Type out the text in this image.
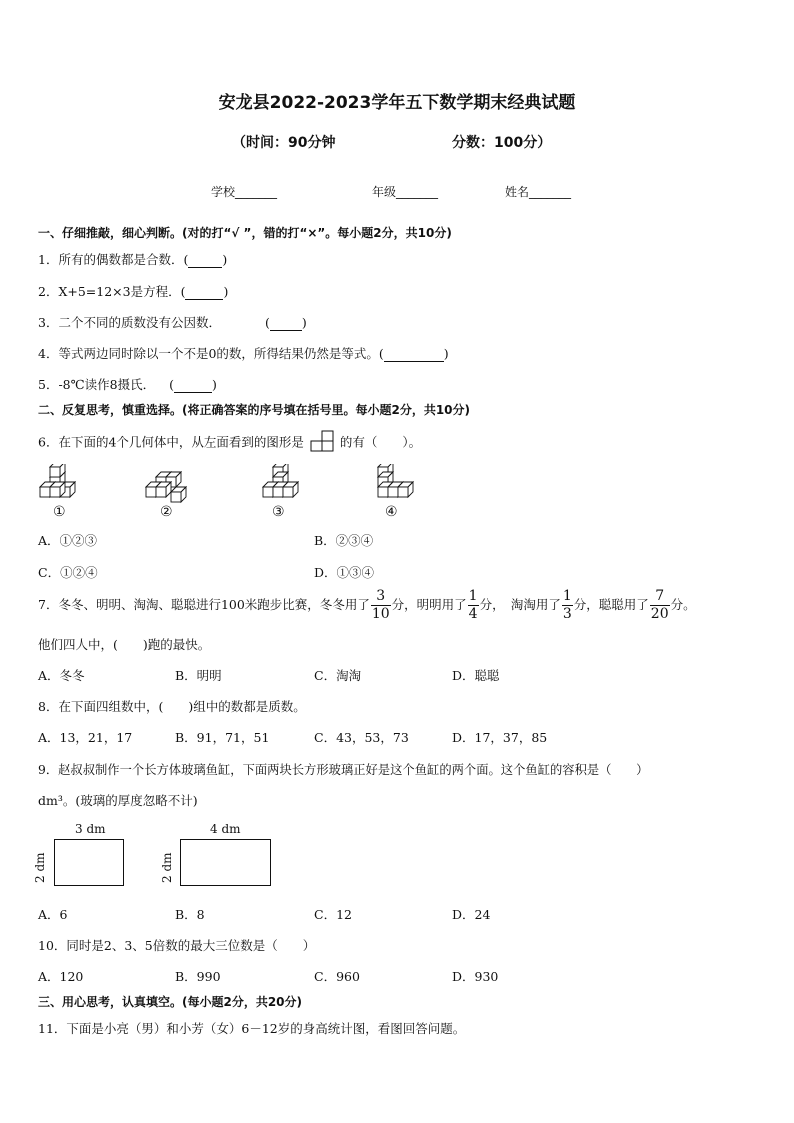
安龙县2022-2023学年五下数学期末经典试题
（时间：90分钟	分数：100分）
学校_______	年级_______	姓名_______
一、仔细推敲，细心判断。(对的打“√ ”，错的打“×”。每小题2分，共10分)
1．所有的偶数都是合数．(	)
2．X+5=12×3是方程．(	)
3．二个不同的质数没有公因数．	(	)
4．等式两边同时除以一个不是0的数，所得结果仍然是等式。(	)
5．-8℃读作8摄氏． (	)
二、反复思考，慎重选择。(将正确答案的序号填在括号里。每小题2分，共10分)
6．在下面的4个几何体中，从左面看到的图形是	的有（　　）。
①	②	③	④
A．①②③	B．②③④
C．①②④	D．①③④
7．冬冬、明明、淘淘、聪聪进行100米跑步比赛，冬冬用了 $\frac{3}{10}$ 分，明明用了 $\frac{1}{4}$ 分，　淘淘用了 $\frac{1}{3}$ 分，聪聪用了 $\frac{7}{20}$ 分。
他们四人中，(　　)跑的最快。
A．冬冬	B．明明	C．淘淘	D．聪聪
8．在下面四组数中，(　　)组中的数都是质数。
A．13，21，17	B．91，71，51	C．43，53，73	D．17，37，85
9．赵叔叔制作一个长方体玻璃鱼缸，下面两块长方形玻璃正好是这个鱼缸的两个面。这个鱼缸的容积是（　　）
dm³。(玻璃的厚度忽略不计)
3 dm
2 dm
4 dm
2 dm
A．6	B．8	C．12	D．24
10．同时是2、3、5倍数的最大三位数是（　　）
A．120	B．990	C．960	D．930
三、用心思考，认真填空。(每小题2分，共20分)
11．下面是小亮（男）和小芳（女）6－12岁的身高统计图，看图回答问题。
